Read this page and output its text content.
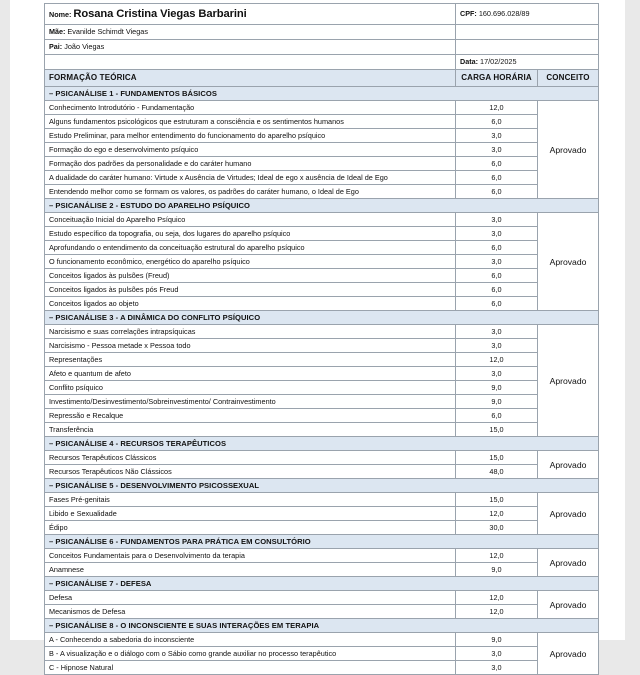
Nome: Rosana Cristina Viegas Barbarini	CPF: 160.696.028/89	
Mãe: Evanilde Schimdt Viegas		
Pai: João Viegas		
	Data: 17/02/2025	
FORMAÇÃO TEÓRICA	CARGA HORÁRIA	CONCEITO
– PSICANÁLISE 1 - FUNDAMENTOS BÁSICOS		
Conhecimento Introdutório - Fundamentação	12,0	Aprovado
Alguns fundamentos psicológicos que estruturam a consciência e os sentimentos humanos	6,0	
Estudo Preliminar, para melhor entendimento do funcionamento do aparelho psíquico	3,0	
Formação do ego e desenvolvimento psíquico	3,0	
Formação dos padrões da personalidade e do caráter humano	6,0	
A dualidade do caráter humano: Virtude x Ausência de Virtudes; Ideal de ego x ausência de Ideal de Ego	6,0	
Entendendo melhor como se formam os valores, os padrões do caráter humano, o Ideal de Ego	6,0	
– PSICANÁLISE 2 - ESTUDO DO APARELHO PSÍQUICO		
Conceituação Inicial do Aparelho Psíquico	3,0	Aprovado
Estudo específico da topografia, ou seja, dos lugares do aparelho psíquico	3,0	
Aprofundando o entendimento da conceituação estrutural do aparelho psíquico	6,0	
O funcionamento econômico, energético do aparelho psíquico	3,0	
Conceitos ligados às pulsões (Freud)	6,0	
Conceitos ligados às pulsões pós Freud	6,0	
Conceitos ligados ao objeto	6,0	
– PSICANÁLISE 3 - A DINÂMICA DO CONFLITO PSÍQUICO		
Narcisismo e suas correlações intrapsíquicas	3,0	Aprovado
Narcisismo - Pessoa metade x Pessoa todo	3,0	
Representações	12,0	
Afeto e quantum de afeto	3,0	
Conflito psíquico	9,0	
Investimento/Desinvestimento/Sobreinvestimento/ Contrainvestimento	9,0	
Repressão e Recalque	6,0	
Transferência	15,0	
– PSICANÁLISE 4 - RECURSOS TERAPÊUTICOS		
Recursos Terapêuticos Clássicos	15,0	Aprovado
Recursos Terapêuticos Não Clássicos	48,0	
– PSICANÁLISE 5 - DESENVOLVIMENTO PSICOSSEXUAL		
Fases Pré-genitais	15,0	Aprovado
Libido e Sexualidade	12,0	
Édipo	30,0	
– PSICANÁLISE 6 - FUNDAMENTOS PARA PRÁTICA EM CONSULTÓRIO		
Conceitos Fundamentais para o Desenvolvimento da terapia	12,0	Aprovado
Anamnese	9,0	
– PSICANÁLISE 7 - DEFESA		
Defesa	12,0	Aprovado
Mecanismos de Defesa	12,0	
– PSICANÁLISE 8 - O INCONSCIENTE E SUAS INTERAÇÕES EM TERAPIA		
A - Conhecendo a sabedoria do inconsciente	9,0	Aprovado
B - A visualização e o diálogo com o Sábio como grande auxiliar no processo terapêutico	3,0	
C - Hipnose Natural	3,0	
